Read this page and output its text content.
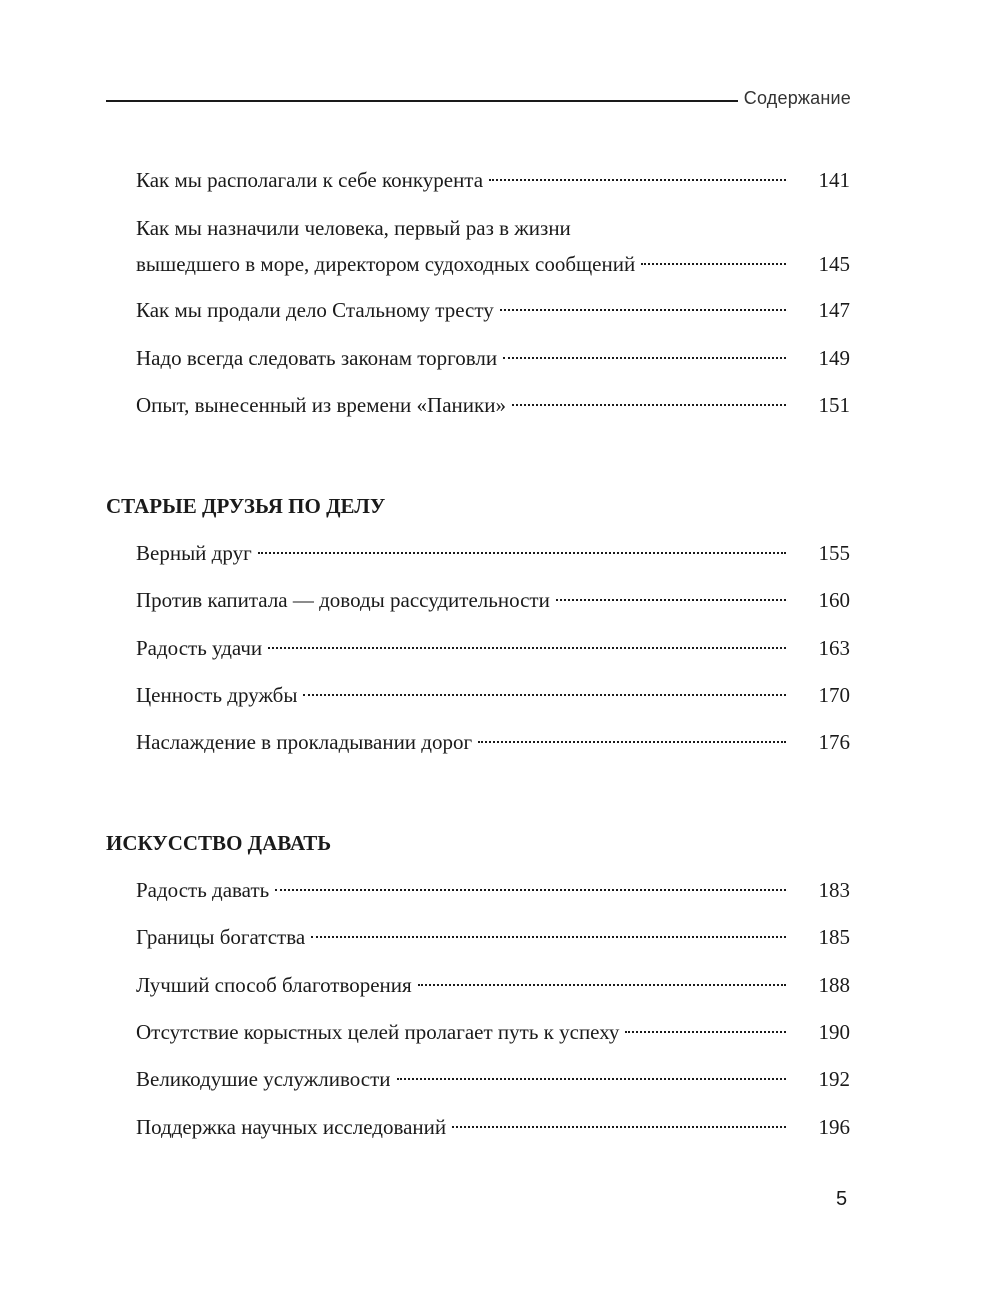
Содержание
Как мы располагали к себе конкурента	141
Как мы назначили человека, первый раз в жизни
вышедшего в море, директором судоходных сообщений	145
Как мы продали дело Стальному тресту	147
Надо всегда следовать законам торговли	149
Опыт, вынесенный из времени «Паники»	151
СТАРЫЕ ДРУЗЬЯ ПО ДЕЛУ
Верный друг	155
Против капитала — доводы рассудительности	160
Радость удачи	163
Ценность дружбы	170
Наслаждение в прокладывании дорог	176
ИСКУССТВО ДАВАТЬ
Радость давать	183
Границы богатства	185
Лучший способ благотворения	188
Отсутствие корыстных целей пролагает путь к успеху	190
Великодушие услужливости	192
Поддержка научных исследований	196
5
